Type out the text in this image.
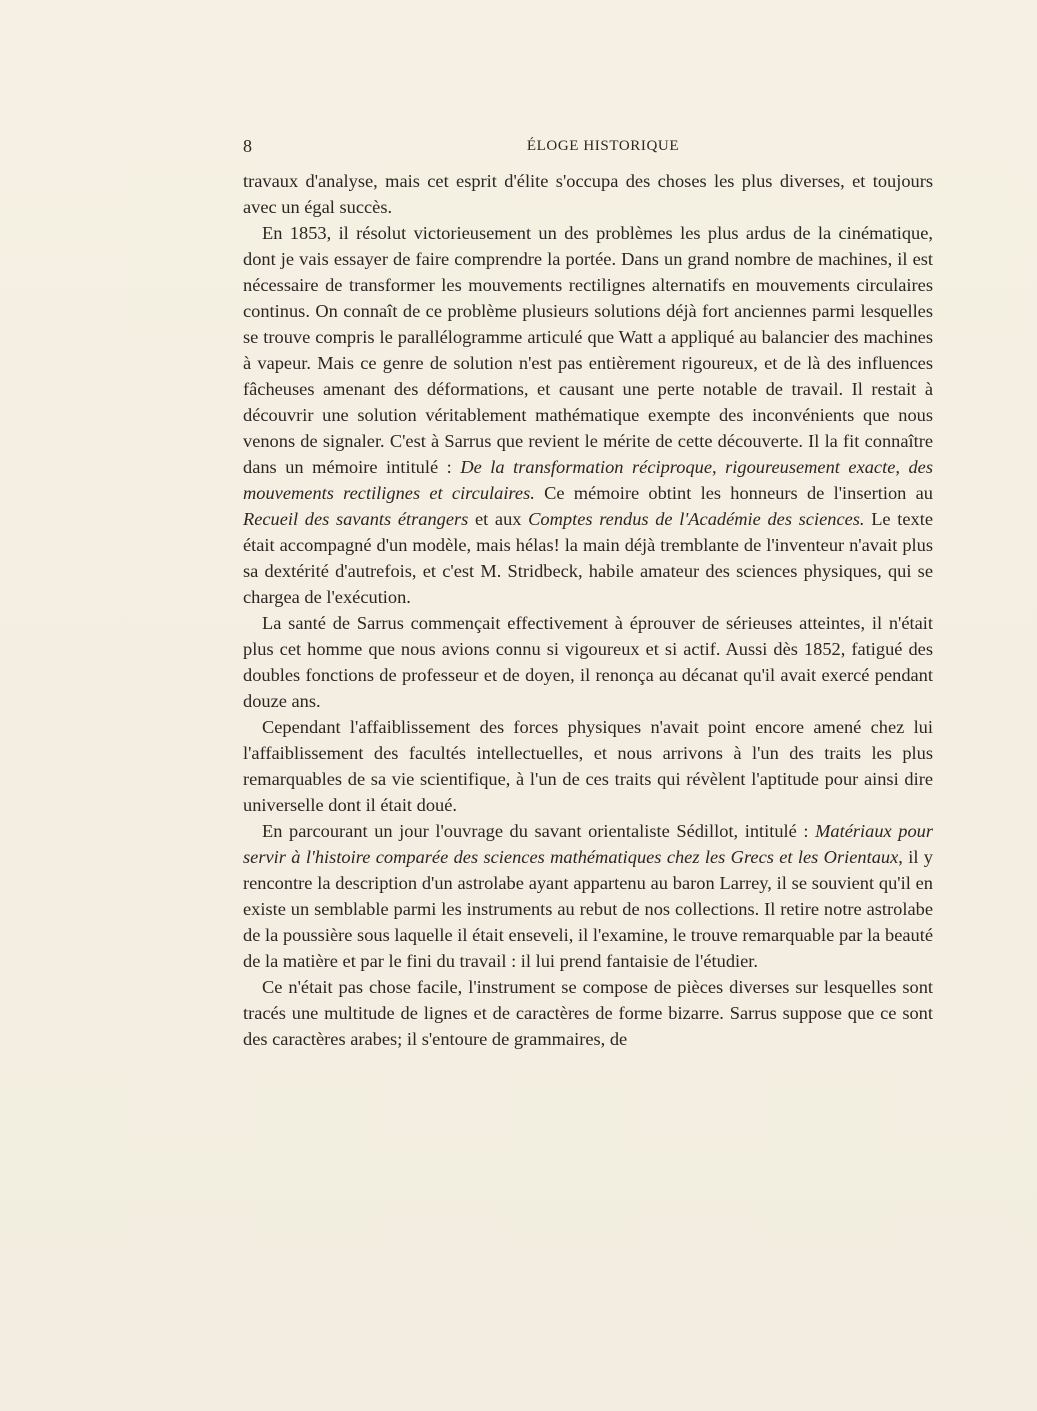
8	ÉLOGE HISTORIQUE

travaux d'analyse, mais cet esprit d'élite s'occupa des choses les plus diverses, et toujours avec un égal succès.

En 1853, il résolut victorieusement un des problèmes les plus ardus de la cinématique, dont je vais essayer de faire comprendre la portée. Dans un grand nombre de machines, il est nécessaire de transformer les mouvements rectilignes alternatifs en mouvements circulaires continus. On connaît de ce problème plusieurs solutions déjà fort anciennes parmi lesquelles se trouve compris le parallélogramme articulé que Watt a appliqué au balancier des machines à vapeur. Mais ce genre de solution n'est pas entièrement rigoureux, et de là des influences fâcheuses amenant des déformations, et causant une perte notable de travail. Il restait à découvrir une solution véritablement mathématique exempte des inconvénients que nous venons de signaler. C'est à Sarrus que revient le mérite de cette découverte. Il la fit connaître dans un mémoire intitulé : De la transformation réciproque, rigoureusement exacte, des mouvements rectilignes et circulaires. Ce mémoire obtint les honneurs de l'insertion au Recueil des savants étrangers et aux Comptes rendus de l'Académie des sciences. Le texte était accompagné d'un modèle, mais hélas! la main déjà tremblante de l'inventeur n'avait plus sa dextérité d'autrefois, et c'est M. Stridbeck, habile amateur des sciences physiques, qui se chargea de l'exécution.

La santé de Sarrus commençait effectivement à éprouver de sérieuses atteintes, il n'était plus cet homme que nous avions connu si vigoureux et si actif. Aussi dès 1852, fatigué des doubles fonctions de professeur et de doyen, il renonça au décanat qu'il avait exercé pendant douze ans.

Cependant l'affaiblissement des forces physiques n'avait point encore amené chez lui l'affaiblissement des facultés intellectuelles, et nous arrivons à l'un des traits les plus remarquables de sa vie scientifique, à l'un de ces traits qui révèlent l'aptitude pour ainsi dire universelle dont il était doué.

En parcourant un jour l'ouvrage du savant orientaliste Sédillot, intitulé : Matériaux pour servir à l'histoire comparée des sciences mathématiques chez les Grecs et les Orientaux, il y rencontre la description d'un astrolabe ayant appartenu au baron Larrey, il se souvient qu'il en existe un semblable parmi les instruments au rebut de nos collections. Il retire notre astrolabe de la poussière sous laquelle il était enseveli, il l'examine, le trouve remarquable par la beauté de la matière et par le fini du travail : il lui prend fantaisie de l'étudier.

Ce n'était pas chose facile, l'instrument se compose de pièces diverses sur lesquelles sont tracés une multitude de lignes et de caractères de forme bizarre. Sarrus suppose que ce sont des caractères arabes; il s'entoure de grammaires, de
